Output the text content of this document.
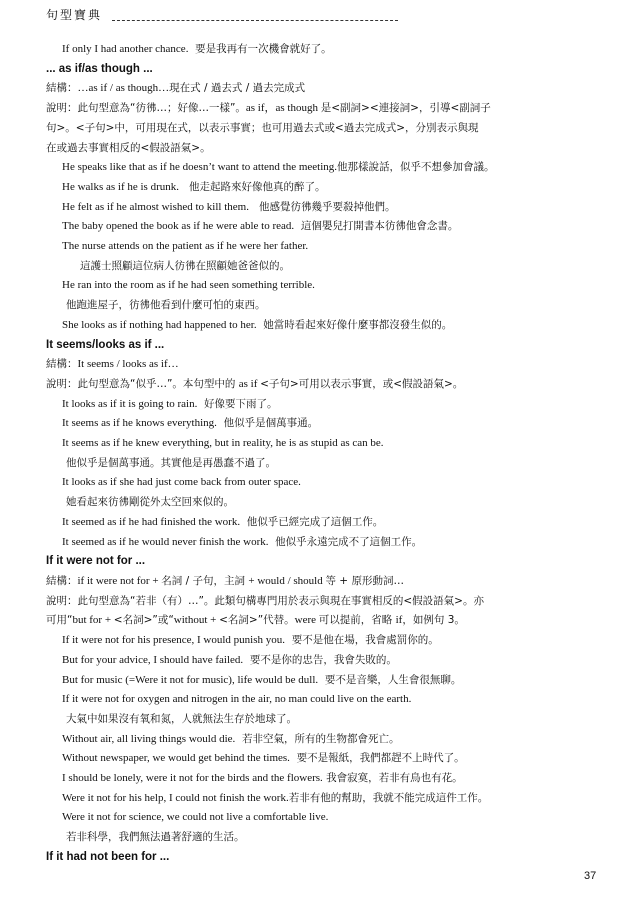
句型寶典
If only I had another chance.  要是我再有一次機會就好了。
... as if/as though ...
結構：…as if / as though…現在式 / 過去式 / 過去完成式
說明：此句型意為“彷彿…；好像…一樣”。as if，as though 是<副詞><連接詞>，引導<副詞子
句>。<子句>中，可用現在式，以表示事實；也可用過去式或<過去完成式>，分別表示與現
在或過去事實相反的<假設語氣>。
He speaks like that as if he doesn’t want to attend the meeting.他那樣說話，似乎不想參加會議。
He walks as if he is drunk.   他走起路來好像他真的醉了。
He felt as if he almost wished to kill them.   他感覺彷彿幾乎要殺掉他們。
The baby opened the book as if he were able to read.  這個嬰兒打開書本彷彿他會念書。
The nurse attends on the patient as if he were her father.
這護士照顧這位病人彷彿在照顧她爸爸似的。
He ran into the room as if he had seen something terrible.
他跑進屋子，彷彿他看到什麼可怕的東西。
She looks as if nothing had happened to her.  她當時看起來好像什麼事都沒發生似的。
It seems/looks as if ...
結構：It seems / looks as if…
說明：此句型意為“似乎…”。本句型中的 as if <子句>可用以表示事實，或<假設語氣>。
It looks as if it is going to rain.  好像要下雨了。
It seems as if he knows everything.  他似乎是個萬事通。
It seems as if he knew everything, but in reality, he is as stupid as can be.
他似乎是個萬事通。其實他是再愚蠢不過了。
It looks as if she had just come back from outer space.
她看起來彷彿剛從外太空回來似的。
It seemed as if he had finished the work.  他似乎已經完成了這個工作。
It seemed as if he would never finish the work.  他似乎永遠完成不了這個工作。
If it were not for ...
結構：if it were not for + 名詞 / 子句，主詞 + would / should 等 + 原形動詞…
說明：此句型意為“若非（有）…”。此類句構專門用於表示與現在事實相反的<假設語氣>。亦
可用“but for + <名詞>”或“without + <名詞>”代替。were 可以提前，省略 if，如例句 3。
If it were not for his presence, I would punish you.  要不是他在場，我會處罰你的。
But for your advice, I should have failed.  要不是你的忠告，我會失敗的。
But for music (=Were it not for music), life would be dull.  要不是音樂，人生會很無聊。
If it were not for oxygen and nitrogen in the air, no man could live on the earth.
大氣中如果沒有氧和氮，人就無法生存於地球了。
Without air, all living things would die.  若非空氣，所有的生物都會死亡。
Without newspaper, we would get behind the times.  要不是報紙，我們都趕不上時代了。
I should be lonely, were it not for the birds and the flowers. 我會寂寞，若非有鳥也有花。
Were it not for his help, I could not finish the work.若非有他的幫助，我就不能完成這件工作。
Were it not for science, we could not live a comfortable live.
若非科學，我們無法過著舒適的生活。
If it had not been for ...
37
